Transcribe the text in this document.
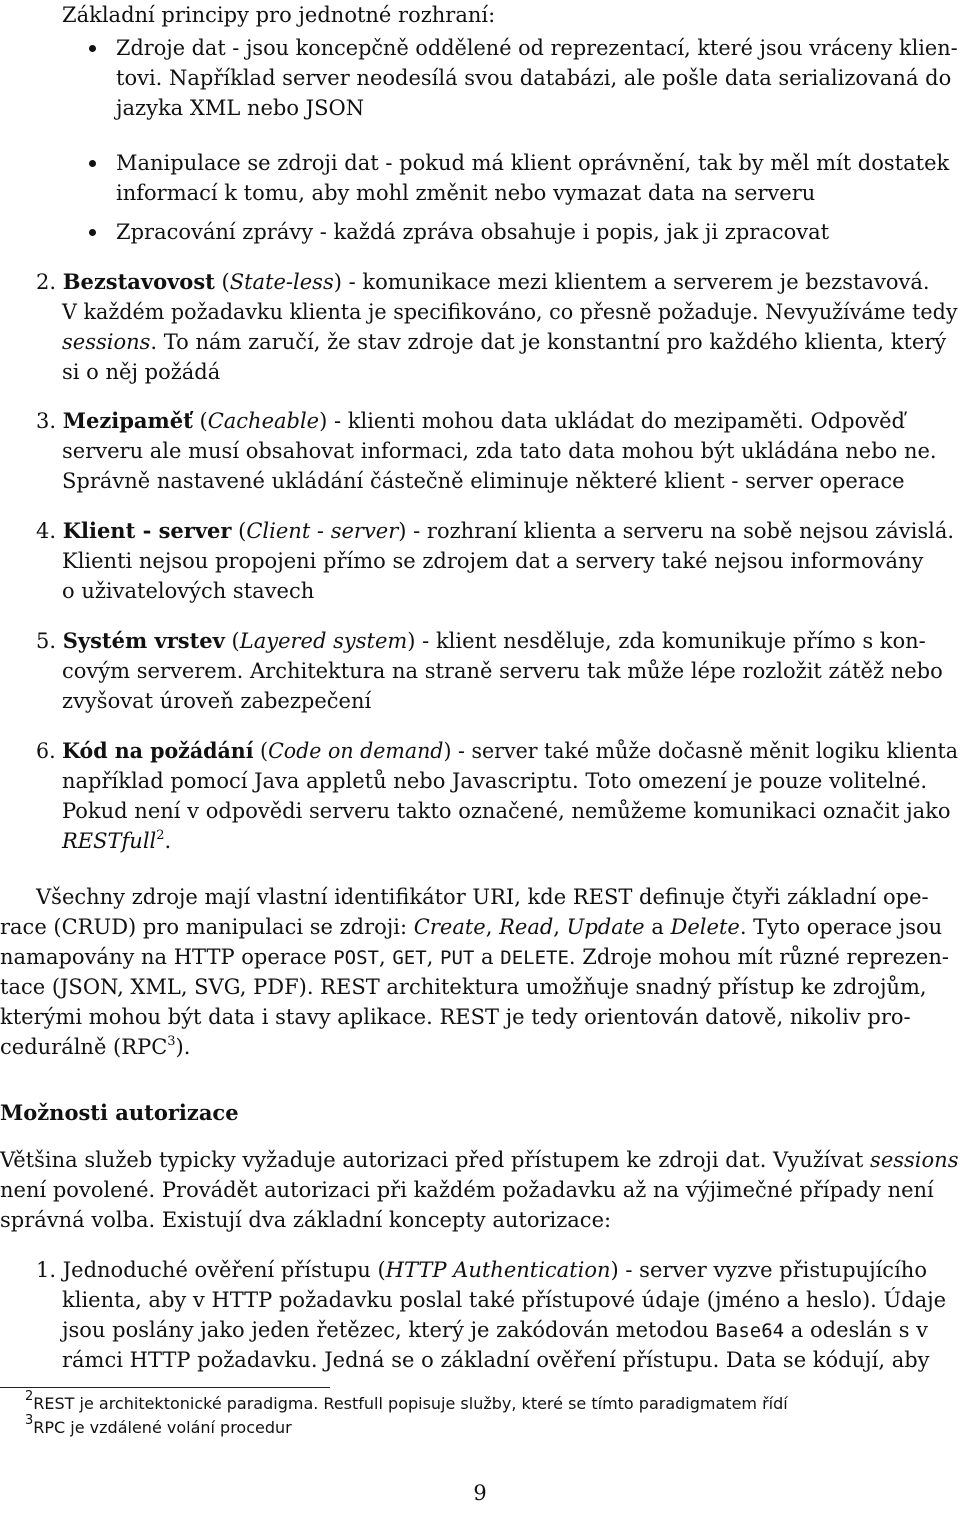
Základní principy pro jednotné rozhraní:
Zdroje dat - jsou koncepčně oddělené od reprezentací, které jsou vráceny klien-
tovi. Například server neodesílá svou databázi, ale pošle data serializovaná do
jazyka XML nebo JSON
Manipulace se zdroji dat - pokud má klient oprávnění, tak by měl mít dostatek
informací k tomu, aby mohl změnit nebo vymazat data na serveru
Zpracování zprávy - každá zpráva obsahuje i popis, jak ji zpracovat
2. Bezstavovost (State-less) - komunikace mezi klientem a serverem je bezstavová.
V každém požadavku klienta je specifikováno, co přesně požaduje. Nevyužíváme tedy
sessions. To nám zaručí, že stav zdroje dat je konstantní pro každého klienta, který
si o něj požádá
3. Mezipaměť (Cacheable) - klienti mohou data ukládat do mezipaměti. Odpověď
serveru ale musí obsahovat informaci, zda tato data mohou být ukládána nebo ne.
Správně nastavené ukládání částečně eliminuje některé klient - server operace
4. Klient - server (Client - server) - rozhraní klienta a serveru na sobě nejsou závislá.
Klienti nejsou propojeni přímo se zdrojem dat a servery také nejsou informovány
o uživatelových stavech
5. Systém vrstev (Layered system) - klient nesděluje, zda komunikuje přímo s kon-
covým serverem. Architektura na straně serveru tak může lépe rozložit zátěž nebo
zvyšovat úroveň zabezpečení
6. Kód na požádání (Code on demand) - server také může dočasně měnit logiku klienta
například pomocí Java appletů nebo Javascriptu. Toto omezení je pouze volitelné.
Pokud není v odpovědi serveru takto označené, nemůžeme komunikaci označit jako
RESTfull$^2$.
Všechny zdroje mají vlastní identifikátor URI, kde REST definuje čtyři základní ope-
race (CRUD) pro manipulaci se zdroji: Create, Read, Update a Delete. Tyto operace jsou
namapovány na HTTP operace POST, GET, PUT a DELETE. Zdroje mohou mít různé reprezen-
tace (JSON, XML, SVG, PDF). REST architektura umožňuje snadný přístup ke zdrojům,
kterými mohou být data i stavy aplikace. REST je tedy orientován datově, nikoliv pro-
cedurálně (RPC$^3$).
Možnosti autorizace
Většina služeb typicky vyžaduje autorizaci před přístupem ke zdroji dat. Využívat sessions
není povolené. Provádět autorizaci při každém požadavku až na výjimečné případy není
správná volba. Existují dva základní koncepty autorizace:
1. Jednoduché ověření přístupu (HTTP Authentication) - server vyzve přistupujícího
klienta, aby v HTTP požadavku poslal také přístupové údaje (jméno a heslo). Údaje
jsou poslány jako jeden řetězec, který je zakódován metodou Base64 a odeslán s v
rámci HTTP požadavku. Jedná se o základní ověření přístupu. Data se kódují, aby
$^2$REST je architektonické paradigma. Restfull popisuje služby, které se tímto paradigmatem řídí
$^3$RPC je vzdálené volání procedur
9
